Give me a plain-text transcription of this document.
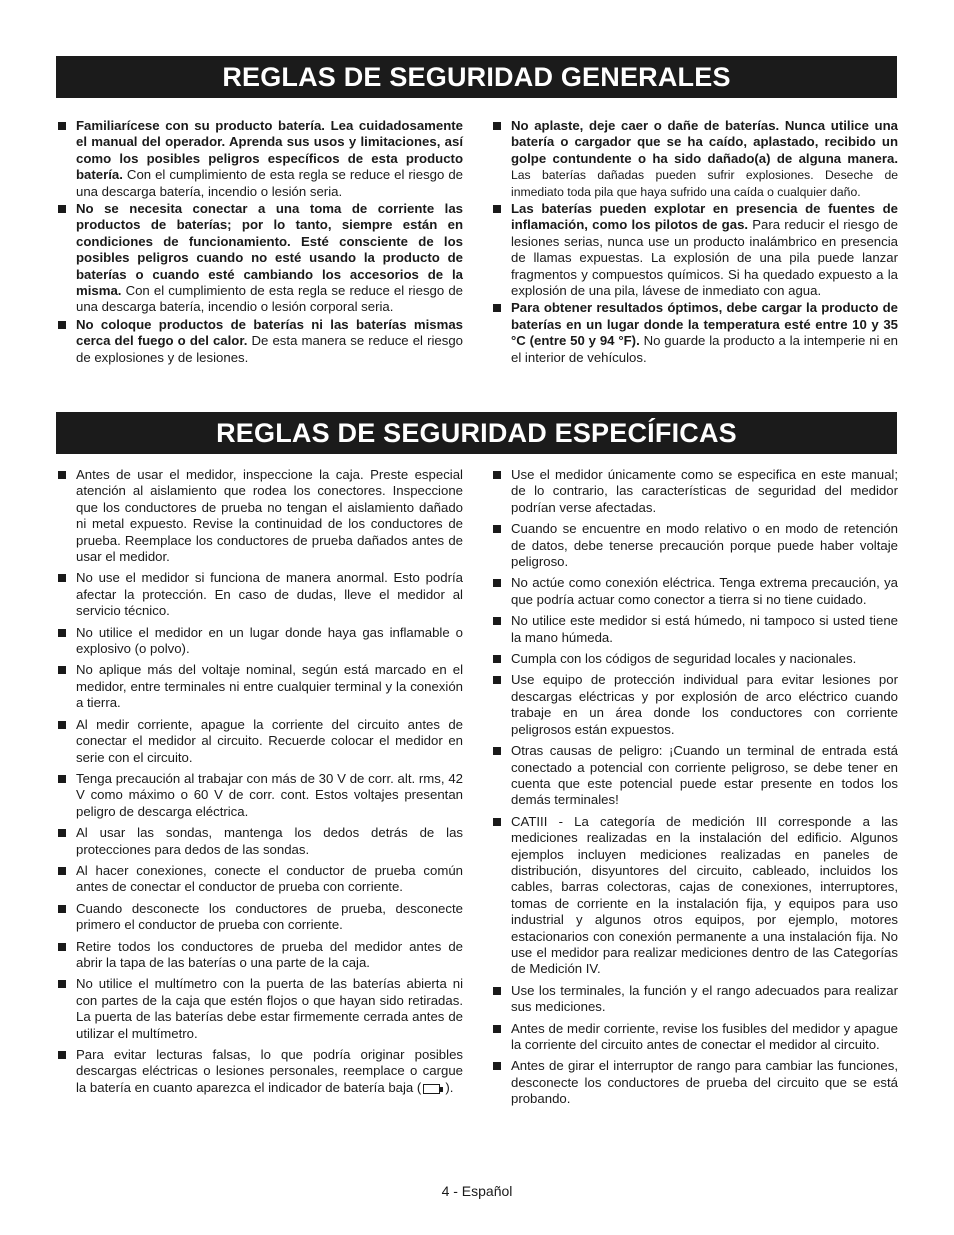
REGLAS DE SEGURIDAD GENERALES
Familiarícese con su producto batería. Lea cuidadosamente el manual del operador. Aprenda sus usos y limitaciones, así como los posibles peligros específicos de esta producto batería. Con el cumplimiento de esta regla se reduce el riesgo de una descarga batería, incendio o lesión seria.
No se necesita conectar a una toma de corriente las productos de baterías; por lo tanto, siempre están en condiciones de funcionamiento. Esté consciente de los posibles peligros cuando no esté usando la producto de baterías o cuando esté cambiando los accesorios de la misma. Con el cumplimiento de esta regla se reduce el riesgo de una descarga batería, incendio o lesión corporal seria.
No coloque productos de baterías ni las baterías mismas cerca del fuego o del calor. De esta manera se reduce el riesgo de explosiones y de lesiones.
No aplaste, deje caer o dañe de baterías. Nunca utilice una batería o cargador que se ha caído, aplastado, recibido un golpe contundente o ha sido dañado(a) de alguna manera. Las baterías dañadas pueden sufrir explosiones. Deseche de inmediato toda pila que haya sufrido una caída o cualquier daño.
Las baterías pueden explotar en presencia de fuentes de inflamación, como los pilotos de gas. Para reducir el riesgo de lesiones serias, nunca use un producto inalámbrico en presencia de llamas expuestas. La explosión de una pila puede lanzar fragmentos y compuestos químicos. Si ha quedado expuesto a la explosión de una pila, lávese de inmediato con agua.
Para obtener resultados óptimos, debe cargar la producto de baterías en un lugar donde la temperatura esté entre 10 y 35 °C (entre 50 y 94 °F). No guarde la producto a la intemperie ni en el interior de vehículos.
REGLAS DE SEGURIDAD ESPECÍFICAS
Antes de usar el medidor, inspeccione la caja. Preste especial atención al aislamiento que rodea los conectores. Inspeccione que los conductores de prueba no tengan el aislamiento dañado ni metal expuesto. Revise la continuidad de los conductores de prueba. Reemplace los conductores de prueba dañados antes de usar el medidor.
No use el medidor si funciona de manera anormal. Esto podría afectar la protección. En caso de dudas, lleve el medidor al servicio técnico.
No utilice el medidor en un lugar donde haya gas inflamable o explosivo (o polvo).
No aplique más del voltaje nominal, según está marcado en el medidor, entre terminales ni entre cualquier terminal y la conexión a tierra.
Al medir corriente, apague la corriente del circuito antes de conectar el medidor al circuito. Recuerde colocar el medidor en serie con el circuito.
Tenga precaución al trabajar con más de 30 V de corr. alt. rms, 42 V como máximo o 60 V de corr. cont. Estos voltajes presentan peligro de descarga eléctrica.
Al usar las sondas, mantenga los dedos detrás de las protecciones para dedos de las sondas.
Al hacer conexiones, conecte el conductor de prueba común antes de conectar el conductor de prueba con corriente.
Cuando desconecte los conductores de prueba, desconecte primero el conductor de prueba con corriente.
Retire todos los conductores de prueba del medidor antes de abrir la tapa de las baterías o una parte de la caja.
No utilice el multímetro con la puerta de las baterías abierta ni con partes de la caja que estén flojos o que hayan sido retiradas. La puerta de las baterías debe estar firmemente cerrada antes de utilizar el multímetro.
Para evitar lecturas falsas, lo que podría originar posibles descargas eléctricas o lesiones personales, reemplace o cargue la batería en cuanto aparezca el indicador de batería baja ( ).
Use el medidor únicamente como se especifica en este manual; de lo contrario, las características de seguridad del medidor podrían verse afectadas.
Cuando se encuentre en modo relativo o en modo de retención de datos, debe tenerse precaución porque puede haber voltaje peligroso.
No actúe como conexión eléctrica. Tenga extrema precaución, ya que podría actuar como conector a tierra si no tiene cuidado.
No utilice este medidor si está húmedo, ni tampoco si usted tiene la mano húmeda.
Cumpla con los códigos de seguridad locales y nacionales.
Use equipo de protección individual para evitar lesiones por descargas eléctricas y por explosión de arco eléctrico cuando trabaje en un área donde los conductores con corriente peligrosos están expuestos.
Otras causas de peligro: ¡Cuando un terminal de entrada está conectado a potencial con corriente peligroso, se debe tener en cuenta que este potencial puede estar presente en todos los demás terminales!
CATIII - La categoría de medición III corresponde a las mediciones realizadas en la instalación del edificio. Algunos ejemplos incluyen mediciones realizadas en paneles de distribución, disyuntores del circuito, cableado, incluidos los cables, barras colectoras, cajas de conexiones, interruptores, tomas de corriente en la instalación fija, y equipos para uso industrial y algunos otros equipos, por ejemplo, motores estacionarios con conexión permanente a una instalación fija. No use el medidor para realizar mediciones dentro de las Categorías de Medición IV.
Use los terminales, la función y el rango adecuados para realizar sus mediciones.
Antes de medir corriente, revise los fusibles del medidor y apague la corriente del circuito antes de conectar el medidor al circuito.
Antes de girar el interruptor de rango para cambiar las funciones, desconecte los conductores de prueba del circuito que se está probando.
4 - Español
